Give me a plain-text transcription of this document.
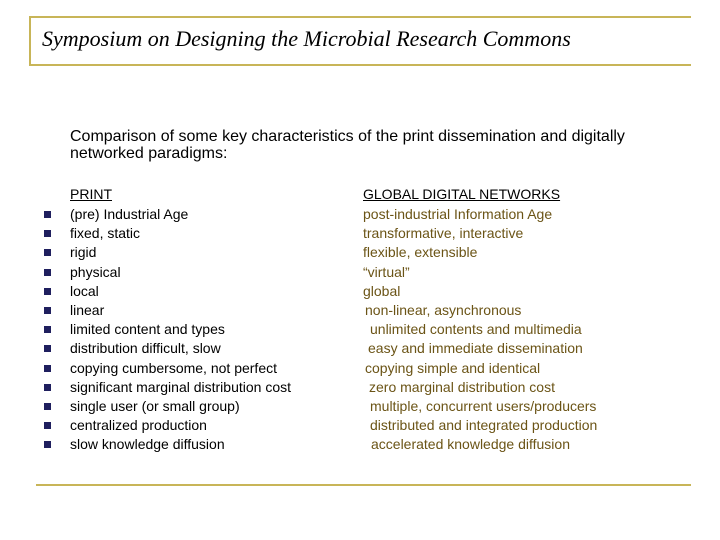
Symposium on Designing the Microbial Research Commons
Comparison of some key characteristics of the print dissemination and digitally networked paradigms:
PRINT	GLOBAL DIGITAL NETWORKS
(pre) Industrial Age	post-industrial Information Age
fixed, static	transformative, interactive
rigid	flexible, extensible
physical	“virtual”
local	global
linear	non-linear, asynchronous
limited content and types	unlimited contents and multimedia
distribution difficult, slow	easy and immediate dissemination
copying cumbersome, not perfect	copying simple and identical
significant marginal distribution cost	zero marginal distribution cost
single user (or small group)	multiple, concurrent users/producers
centralized production	distributed and integrated production
slow knowledge diffusion	accelerated knowledge diffusion
